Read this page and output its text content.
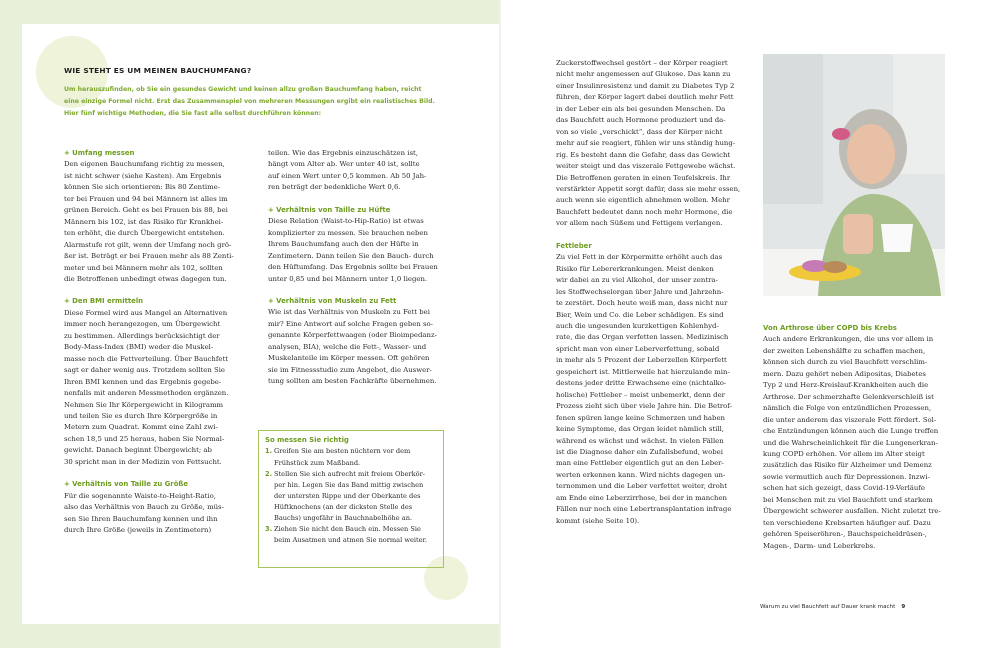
WIE STEHT ES UM MEINEN BAUCHUMFANG?
Um herauszufinden, ob Sie ein gesundes Gewicht und keinen allzu großen Bauchumfang haben, reicht
eine einzige Formel nicht. Erst das Zusammenspiel von mehreren Messungen ergibt ein realistisches Bild.
Hier fünf wichtige Methoden, die Sie fast alle selbst durchführen können:
+ Umfang messen
Den eigenen Bauchumfang richtig zu messen,
ist nicht schwer (siehe Kasten). Am Ergebnis
können Sie sich orientieren: Bis 80 Zentime-
ter bei Frauen und 94 bei Männern ist alles im
grünen Bereich. Geht es bei Frauen bis 88, bei
Männern bis 102, ist das Risiko für Krankhei-
ten erhöht, die durch Übergewicht entstehen.
Alarmstufe rot gilt, wenn der Umfang noch grö-
ßer ist. Beträgt er bei Frauen mehr als 88 Zenti-
meter und bei Männern mehr als 102, sollten
die Betroffenen unbedingt etwas dagegen tun.
+ Den BMI ermitteln
Diese Formel wird aus Mangel an Alternativen
immer noch herangezogen, um Übergewicht
zu bestimmen. Allerdings berücksichtigt der
Body-Mass-Index (BMI) weder die Muskel-
masse noch die Fettverteilung. Über Bauchfett
sagt er daher wenig aus. Trotzdem sollten Sie
Ihren BMI kennen und das Ergebnis gegebe-
nenfalls mit anderen Messmethoden ergänzen.
Nehmen Sie Ihr Körpergewicht in Kilogramm
und teilen Sie es durch Ihre Körpergröße in
Metern zum Quadrat. Kommt eine Zahl zwi-
schen 18,5 und 25 heraus, haben Sie Normal-
gewicht. Danach beginnt Übergewicht; ab
30 spricht man in der Medizin von Fettsucht.
+ Verhältnis von Taille zu Größe
Für die sogenannte Waiste-to-Height-Ratio,
also das Verhältnis von Bauch zu Größe, müs-
sen Sie Ihren Bauchumfang kennen und ihn
durch Ihre Größe (jeweils in Zentimetern)
teilen. Wie das Ergebnis einzuschätzen ist,
hängt vom Alter ab. Wer unter 40 ist, sollte
auf einen Wert unter 0,5 kommen. Ab 50 Jah-
ren beträgt der bedenkliche Wert 0,6.
+ Verhältnis von Taille zu Hüfte
Diese Relation (Waist-to-Hip-Ratio) ist etwas
komplizierter zu messen. Sie brauchen neben
Ihrem Bauchumfang auch den der Hüfte in
Zentimetern. Dann teilen Sie den Bauch- durch
den Hüftumfang. Das Ergebnis sollte bei Frauen
unter 0,85 und bei Männern unter 1,0 liegen.
+ Verhältnis von Muskeln zu Fett
Wie ist das Verhältnis von Muskeln zu Fett bei
mir? Eine Antwort auf solche Fragen geben so-
genannte Körperfettwaagen (oder Bioimpedanz-
analysen, BIA), welche die Fett-, Wasser- und
Muskelanteile im Körper messen. Oft gehören
sie im Fitnessstudio zum Angebot, die Auswer-
tung sollten am besten Fachkräfte übernehmen.
So messen Sie richtig
1. Greifen Sie am besten nüchtern vor dem
Frühstück zum Maßband.
2. Stellen Sie sich aufrecht mit freiem Oberkör-
per hin. Legen Sie das Band mittig zwischen
der untersten Rippe und der Oberkante des
Hüftknochens (an der dicksten Stelle des
Bauchs) ungefähr in Bauchnabelhöhe an.
3. Ziehen Sie nicht den Bauch ein. Messen Sie
beim Ausatmen und atmen Sie normal weiter.
Zuckerstoffwechsel gestört – der Körper reagiert
nicht mehr angemessen auf Glukose. Das kann zu
einer Insulinresistenz und damit zu Diabetes Typ 2
führen, der Körper lagert dabei deutlich mehr Fett
in der Leber ein als bei gesunden Menschen. Da
das Bauchfett auch Hormone produziert und da-
von so viele „verschickt“, dass der Körper nicht
mehr auf sie reagiert, fühlen wir uns ständig hung-
rig. Es besteht dann die Gefahr, dass das Gewicht
weiter steigt und das viszerale Fettgewebe wächst.
Die Betroffenen geraten in einen Teufelskreis. Ihr
verstärkter Appetit sorgt dafür, dass sie mehr essen,
auch wenn sie eigentlich abnehmen wollen. Mehr
Bauchfett bedeutet dann noch mehr Hormone, die
vor allem nach Süßem und Fettigem verlangen.
Fettleber
Zu viel Fett in der Körpermitte erhöht auch das
Risiko für Lebererkrankungen. Meist denken
wir dabei an zu viel Alkohol, der unser zentra-
les Stoffwechselorgan über Jahre und Jahrzehn-
te zerstört. Doch heute weiß man, dass nicht nur
Bier, Wein und Co. die Leber schädigen. Es sind
auch die ungesunden kurzkettigen Kohlenhyd-
rate, die das Organ verfetten lassen. Medizinisch
spricht man von einer Leberverfettung, sobald
in mehr als 5 Prozent der Leberzellen Körperfett
gespeichert ist. Mittlerweile hat hierzulande min-
destens jeder dritte Erwachsene eine (nichtalko-
holische) Fettleber – meist unbemerkt, denn der
Prozess zieht sich über viele Jahre hin. Die Betrof-
fenen spüren lange keine Schmerzen und haben
keine Symptome, das Organ leidet nämlich still,
während es wächst und wächst. In vielen Fällen
ist die Diagnose daher ein Zufallsbefund, wobei
man eine Fettleber eigentlich gut an den Leber-
werten erkennen kann. Wird nichts dagegen un-
ternommen und die Leber verfettet weiter, droht
am Ende eine Leberzirrhose, bei der in manchen
Fällen nur noch eine Lebertransplantation infrage
kommt (siehe Seite 10).
Von Arthrose über COPD bis Krebs
Auch andere Erkrankungen, die uns vor allem in
der zweiten Lebenshälfte zu schaffen machen,
können sich durch zu viel Bauchfett verschlim-
mern. Dazu gehört neben Adipositas, Diabetes
Typ 2 und Herz-Kreislauf-Krankheiten auch die
Arthrose. Der schmerzhafte Gelenkverschleiß ist
nämlich die Folge von entzündlichen Prozessen,
die unter anderem das viszerale Fett fördert. Sol-
che Entzündungen können auch die Lunge treffen
und die Wahrscheinlichkeit für die Lungenerkran-
kung COPD erhöhen. Vor allem im Alter steigt
zusätzlich das Risiko für Alzheimer und Demenz
sowie vermutlich auch für Depressionen. Inzwi-
schen hat sich gezeigt, dass Covid-19-Verläufe
bei Menschen mit zu viel Bauchfett und starkem
Übergewicht schwerer ausfallen. Nicht zuletzt tre-
ten verschiedene Krebsarten häufiger auf. Dazu
gehören Speiseröhren-, Bauchspeicheldrüsen-,
Magen-, Darm- und Leberkrebs.
Warum zu viel Bauchfett auf Dauer krank macht 9
